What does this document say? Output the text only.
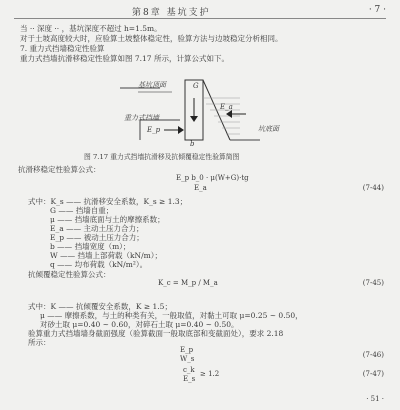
第8章 基坑支护	· 7 ·
当 ·· 深度 ·· ，基坑深度不超过 h=1.5m。
对于土坡高度较大时，应验算土坡整体稳定性，验算方法与边坡稳定分析相同。
7. 重力式挡墙稳定性验算
重力式挡墙抗滑移稳定性验算如图 7.17 所示，计算公式如下。
基坑顶面
重力式挡墙
坑底面
E_a
E_p
G
b
图 7.17 重力式挡墙抗滑移及抗倾覆稳定性验算简图
抗滑移稳定性验算公式：
E_p b_0 · μ(W+G)·tg
E_a	(7-44)
式中：K_s —— 抗滑移安全系数，K_s ≥ 1.3；
G —— 挡墙自重；
μ —— 挡墙底面与土的摩擦系数；
E_a —— 主动土压力合力；
E_p —— 被动土压力合力；
b —— 挡墙宽度（m）；
W —— 挡墙上部荷载（kN/m）；
q —— 均布荷载（kN/m²）。
抗倾覆稳定性验算公式：
K_c = M_p / M_a	(7-45)
式中：K —— 抗倾覆安全系数，K ≥ 1.5；
μ —— 摩擦系数，与土的种类有关，一般取值，对黏土可取 μ=0.25 ~ 0.50，
对砂土取 μ=0.40 ~ 0.60，对碎石土取 μ=0.40 ~ 0.50。
验算重力式挡墙墙身截面强度（验算截面一般取底部和变截面处），要求 2.18
所示：
E_p
W_s	(7-46)
c_k
E_s
≥ 1.2	(7-47)
· 51 ·
